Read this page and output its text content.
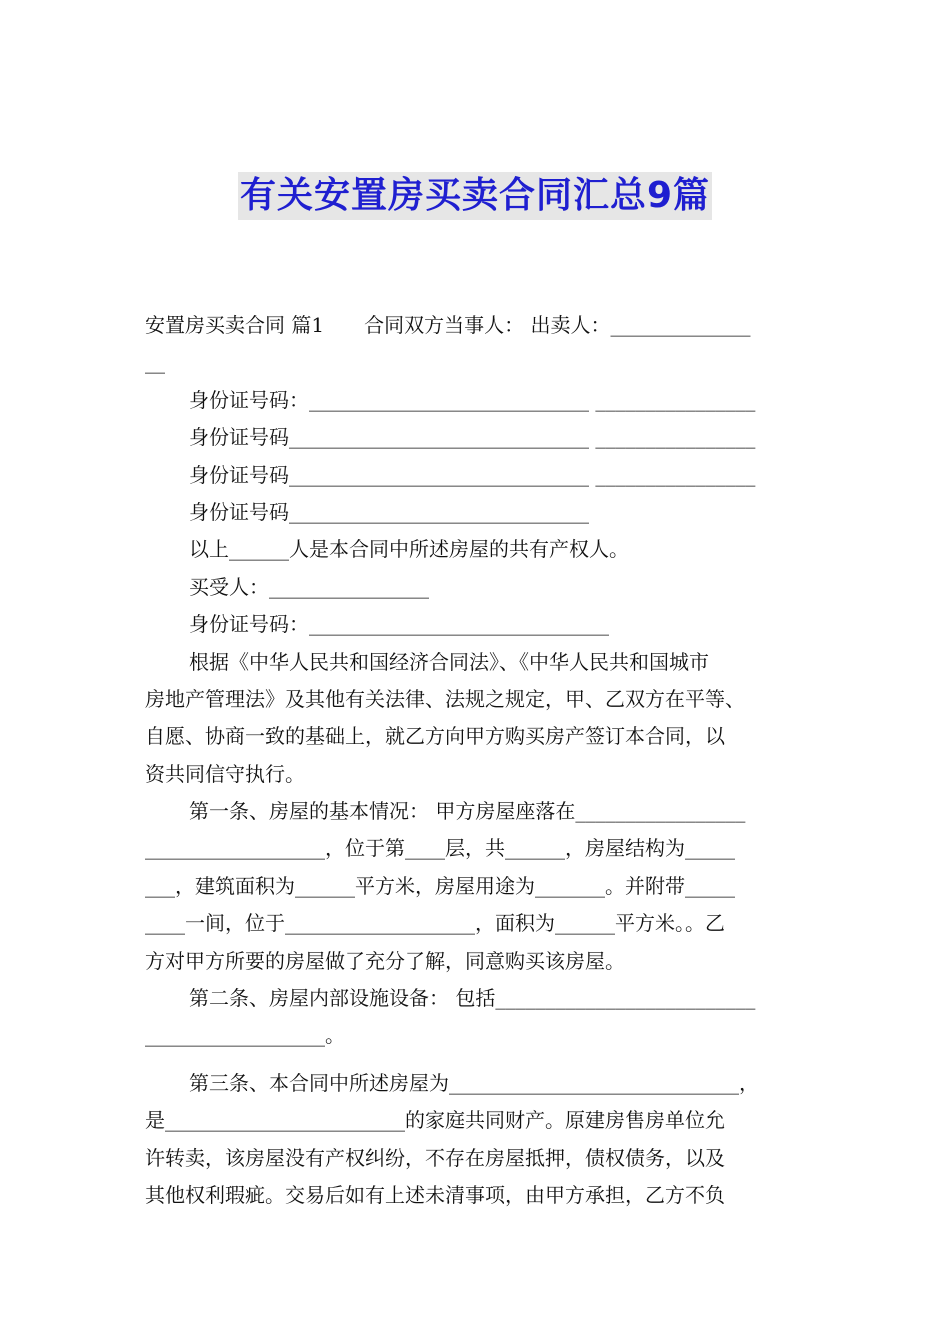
有关安置房买卖合同汇总9篇
安置房买卖合同 篇1　　合同双方当事人： 出卖人：______________
__
身份证号码：____________________________ ________________
身份证号码______________________________ ________________
身份证号码______________________________ ________________
身份证号码______________________________
以上______人是本合同中所述房屋的共有产权人。
买受人：________________
身份证号码：______________________________
根据《中华人民共和国经济合同法》、《中华人民共和国城市
房地产管理法》及其他有关法律、法规之规定，甲、乙双方在平等、
自愿、协商一致的基础上，就乙方向甲方购买房产签订本合同，以
资共同信守执行。
第一条、房屋的基本情况： 甲方房屋座落在_________________
__________________，位于第____层，共______，房屋结构为_____
___，建筑面积为______平方米，房屋用途为_______。并附带_____
____一间，位于___________________，面积为______平方米。。乙
方对甲方所要的房屋做了充分了解，同意购买该房屋。
第二条、房屋内部设施设备： 包括__________________________
__________________。
第三条、本合同中所述房屋为_____________________________，
是________________________的家庭共同财产。原建房售房单位允
许转卖，该房屋没有产权纠纷，不存在房屋抵押，债权债务，以及
其他权利瑕疵。交易后如有上述未清事项，由甲方承担，乙方不负
